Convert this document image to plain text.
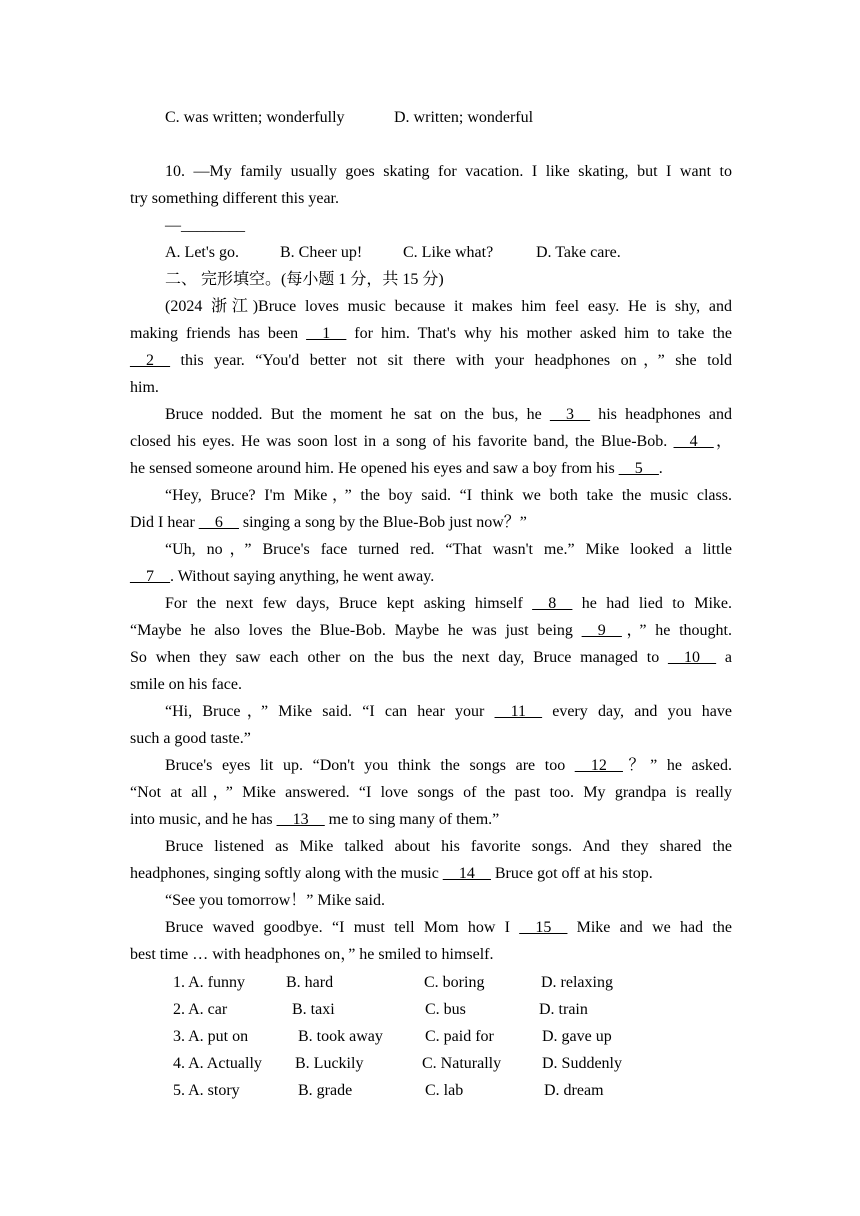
C. was written; wonderfully	D. written; wonderful
10. —My family usually goes skating for vacation. I like skating, but I want to
try something different this year.
—________
A. Let's go.	B. Cheer up!	C. Like what?	D. Take care.
二、 完形填空。(每小题 1 分，共 15 分)
(2024 浙江)Bruce loves music because it makes him feel easy. He is shy, and
making friends has been __1__ for him. That's why his mother asked him to take the
__2__ this year. “You'd better not sit there with your headphones on，” she told
him.
Bruce nodded. But the moment he sat on the bus, he __3__ his headphones and
closed his eyes. He was soon lost in a song of his favorite band, the Blue-Bob. __4__，
he sensed someone around him. He opened his eyes and saw a boy from his __5__.
“Hey, Bruce? I'm Mike，” the boy said. “I think we both take the music class.
Did I hear __6__ singing a song by the Blue-Bob just now？”
“Uh, no，” Bruce's face turned red. “That wasn't me.” Mike looked a little
__7__. Without saying anything, he went away.
For the next few days, Bruce kept asking himself __8__ he had lied to Mike.
“Maybe he also loves the Blue-Bob. Maybe he was just being __9__，” he thought.
So when they saw each other on the bus the next day, Bruce managed to __10__ a
smile on his face.
“Hi, Bruce，” Mike said. “I can hear your __11__ every day, and you have
such a good taste.”
Bruce's eyes lit up. “Don't you think the songs are too __12__？” he asked.
“Not at all，” Mike answered. “I love songs of the past too. My grandpa is really
into music, and he has __13__ me to sing many of them.”
Bruce listened as Mike talked about his favorite songs. And they shared the
headphones, singing softly along with the music __14__ Bruce got off at his stop.
“See you tomorrow！” Mike said.
Bruce waved goodbye. “I must tell Mom how I __15__ Mike and we had the
best time … with headphones on，” he smiled to himself.
1. A. funny	B. hard	C. boring	D. relaxing
2. A. car	B. taxi	C. bus	D. train
3. A. put on	B. took away	C. paid for	D. gave up
4. A. Actually B. Luckily	C. Naturally	D. Suddenly
5. A. story	B. grade	C. lab	D. dream
